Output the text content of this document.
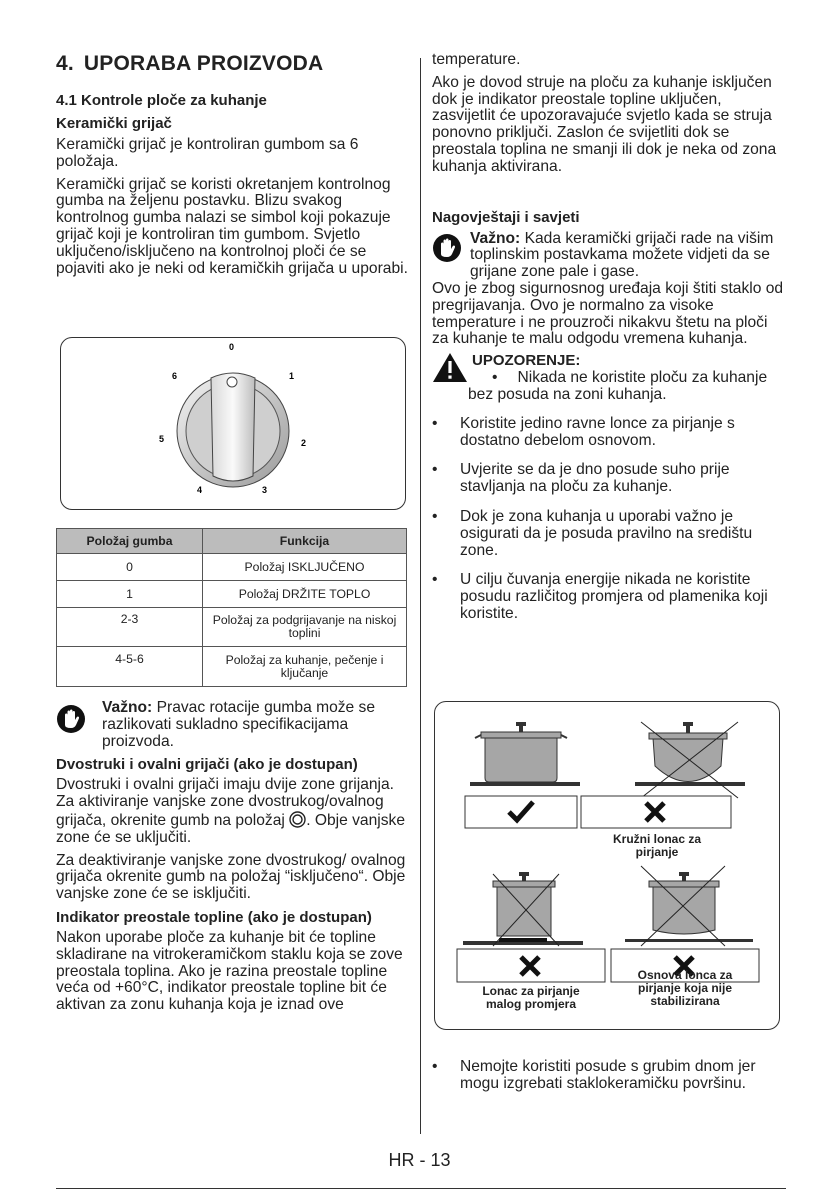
4. UPORABA PROIZVODA
4.1 Kontrole ploče za kuhanje
Keramički grijač

Keramički grijač je kontroliran gumbom sa 6 položaja.

Keramički grijač se koristi okretanjem kontrolnog gumba na željenu postavku. Blizu svakog kontrolnog gumba nalazi se simbol koji pokazuje grijač koji je kontroliran tim gumbom. Svjetlo uključeno/isključeno na kontrolnoj ploči će se pojaviti ako je neki od keramičkih grijača u uporabi.

0
1
2
3
4
5
6
Položaj gumba	Funkcija
0	Položaj ISKLJUČENO
1	Položaj DRŽITE TOPLO
2-3	Položaj za podgrijavanje na niskoj toplini
4-5-6	Položaj za kuhanje, pečenje i ključanje

Važno: Pravac rotacije gumba može se razlikovati sukladno specifikacijama proizvoda.

Dvostruki i ovalni grijači (ako je dostupan)

Dvostruki i ovalni grijači imaju dvije zone grijanja. Za aktiviranje vanjske zone dvostrukog/ovalnog grijača, okrenite gumb na položaj . Obje vanjske zone će se uključiti.

Za deaktiviranje vanjske zone dvostrukog/ ovalnog grijača okrenite gumb na položaj “isključeno“. Obje vanjske zone će se isključiti.

Indikator preostale topline (ako je dostupan)

Nakon uporabe ploče za kuhanje bit će topline skladirane na vitrokeramičkom staklu koja se zove preostala toplina. Ako je razina preostale topline veća od +60°C, indikator preostale topline bit će aktivan za zonu kuhanja koja je iznad ove

temperature.

Ako je dovod struje na ploču za kuhanje isključen dok je indikator preostale topline uključen, zasvijetlit će upozoravajuće svjetlo kada se struja ponovno priključi. Zaslon će svijetliti dok se preostala toplina ne smanji ili dok je neka od zona kuhanja aktivirana.

Nagovještaji i savjeti

Važno: Kada keramički grijači rade na višim toplinskim postavkama možete vidjeti da se grijane zone pale i gase.

Ovo je zbog sigurnosnog uređaja koji štiti staklo od pregrijavanja. Ovo je normalno za visoke temperature i ne prouzroči nikakvu štetu na ploči za kuhanje te malu odgodu vremena kuhanja.

UPOZORENJE:

• Nikada ne koristite ploču za kuhanje bez posuda na zoni kuhanja.

• Koristite jedino ravne lonce za pirjanje s dostatno debelom osnovom.
• Uvjerite se da je dno posude suho prije stavljanja na ploču za kuhanje.
• Dok je zona kuhanja u uporabi važno je osigurati da je posuda pravilno na središtu zone.
• U cilju čuvanja energije nikada ne koristite posudu različitog promjera od plamenika koji koristite.
Kružni lonac za pirjanje
Lonac za pirjanje malog promjera
Osnova lonca za pirjanje koja nije stabilizirana
• Nemojte koristiti posude s grubim dnom jer mogu izgrebati staklokeramičku površinu.
HR - 13
